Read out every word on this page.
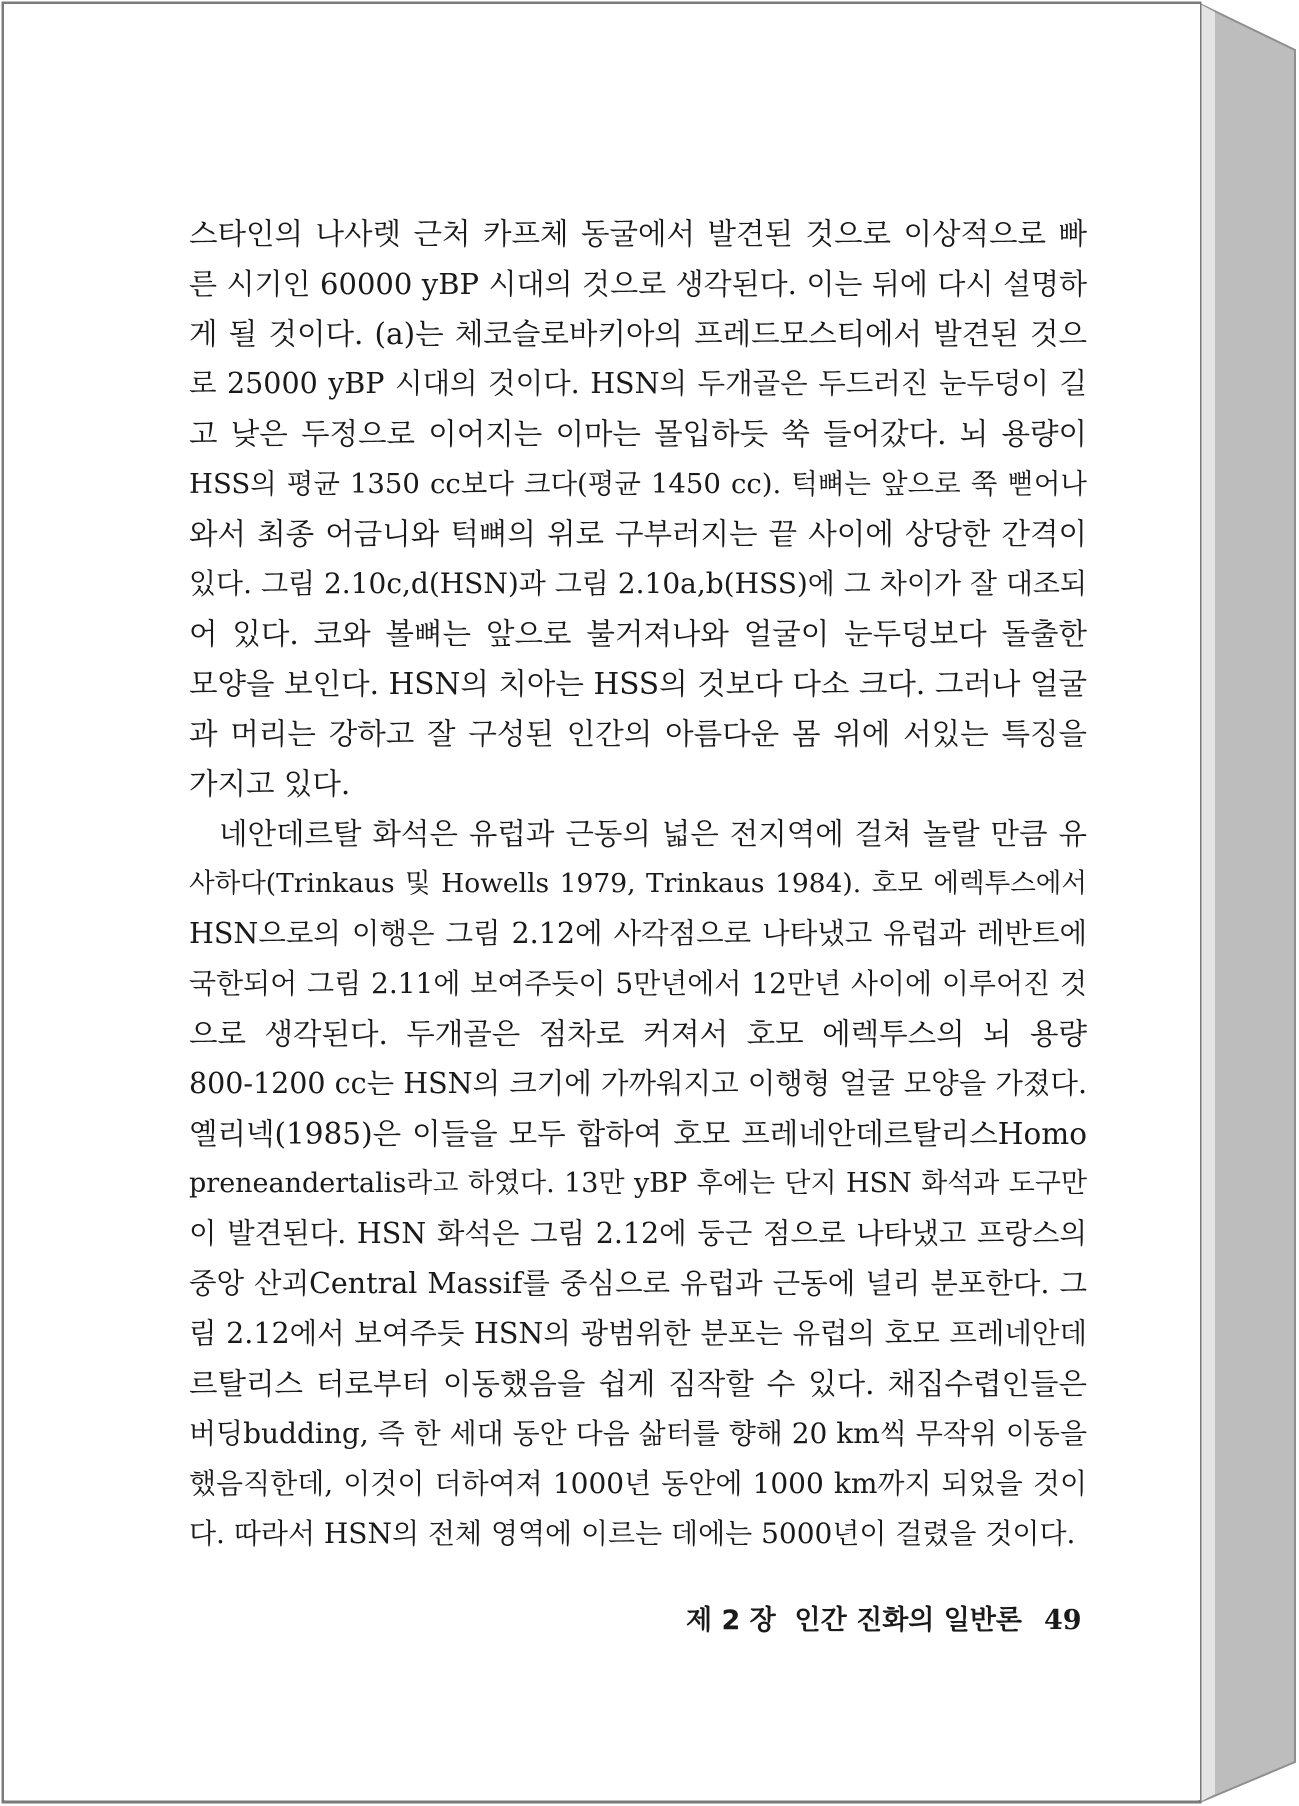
스타인의 나사렛 근처 카프체 동굴에서 발견된 것으로 이상적으로 빠
른 시기인 60000 yBP 시대의 것으로 생각된다. 이는 뒤에 다시 설명하
게 될 것이다. (a)는 체코슬로바키아의 프레드모스티에서 발견된 것으
로 25000 yBP 시대의 것이다. HSN의 두개골은 두드러진 눈두덩이 길
고 낮은 두정으로 이어지는 이마는 몰입하듯 쑥 들어갔다. 뇌 용량이
HSS의 평균 1350 cc보다 크다(평균 1450 cc). 턱뼈는 앞으로 쭉 뻗어나
와서 최종 어금니와 턱뼈의 위로 구부러지는 끝 사이에 상당한 간격이
있다. 그림 2.10c,d(HSN)과 그림 2.10a,b(HSS)에 그 차이가 잘 대조되
어 있다. 코와 볼뼈는 앞으로 불거져나와 얼굴이 눈두덩보다 돌출한
모양을 보인다. HSN의 치아는 HSS의 것보다 다소 크다. 그러나 얼굴
과 머리는 강하고 잘 구성된 인간의 아름다운 몸 위에 서있는 특징을
가지고 있다.
네안데르탈 화석은 유럽과 근동의 넓은 전지역에 걸쳐 놀랄 만큼 유
사하다(Trinkaus 및 Howells 1979, Trinkaus 1984). 호모 에렉투스에서
HSN으로의 이행은 그림 2.12에 사각점으로 나타냈고 유럽과 레반트에
국한되어 그림 2.11에 보여주듯이 5만년에서 12만년 사이에 이루어진 것
으로 생각된다. 두개골은 점차로 커져서 호모 에렉투스의 뇌 용량
800-1200 cc는 HSN의 크기에 가까워지고 이행형 얼굴 모양을 가졌다.
옐리넥(1985)은 이들을 모두 합하여 호모 프레네안데르탈리스Homo
preneandertalis라고 하였다. 13만 yBP 후에는 단지 HSN 화석과 도구만
이 발견된다. HSN 화석은 그림 2.12에 둥근 점으로 나타냈고 프랑스의
중앙 산괴Central Massif를 중심으로 유럽과 근동에 널리 분포한다. 그
림 2.12에서 보여주듯 HSN의 광범위한 분포는 유럽의 호모 프레네안데
르탈리스 터로부터 이동했음을 쉽게 짐작할 수 있다. 채집수렵인들은
버딩budding, 즉 한 세대 동안 다음 삶터를 향해 20 km씩 무작위 이동을
했음직한데, 이것이 더하여져 1000년 동안에 1000 km까지 되었을 것이
다. 따라서 HSN의 전체 영역에 이르는 데에는 5000년이 걸렸을 것이다.
제 2 장  인간 진화의 일반론 49
